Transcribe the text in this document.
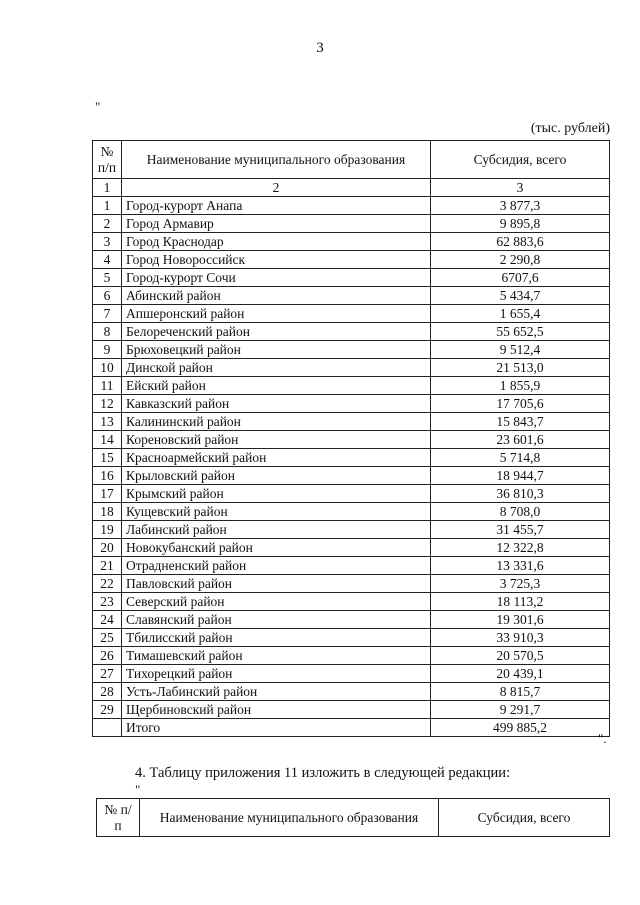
3
"
(тыс. рублей)
№ п/п	Наименование муниципального образования	Субсидия, всего
1	2	3
1	Город-курорт Анапа	3 877,3
2	Город Армавир	9 895,8
3	Город Краснодар	62 883,6
4	Город Новороссийск	2 290,8
5	Город-курорт Сочи	6707,6
6	Абинский район	5 434,7
7	Апшеронский район	1 655,4
8	Белореченский район	55 652,5
9	Брюховецкий район	9 512,4
10	Динской район	21 513,0
11	Ейский район	1 855,9
12	Кавказский район	17 705,6
13	Калининский район	15 843,7
14	Кореновский район	23 601,6
15	Красноармейский район	5 714,8
16	Крыловский район	18 944,7
17	Крымский район	36 810,3
18	Кущевский район	8 708,0
19	Лабинский район	31 455,7
20	Новокубанский район	12 322,8
21	Отрадненский район	13 331,6
22	Павловский район	3 725,3
23	Северский район	18 113,2
24	Славянский район	19 301,6
25	Тбилисский район	33 910,3
26	Тимашевский район	20 570,5
27	Тихорецкий район	20 439,1
28	Усть-Лабинский район	8 815,7
29	Щербиновский район	9 291,7
	Итого	499 885,2
".
4. Таблицу приложения 11 изложить в следующей редакции:
"
№ п/п	Наименование муниципального образования	Субсидия, всего
